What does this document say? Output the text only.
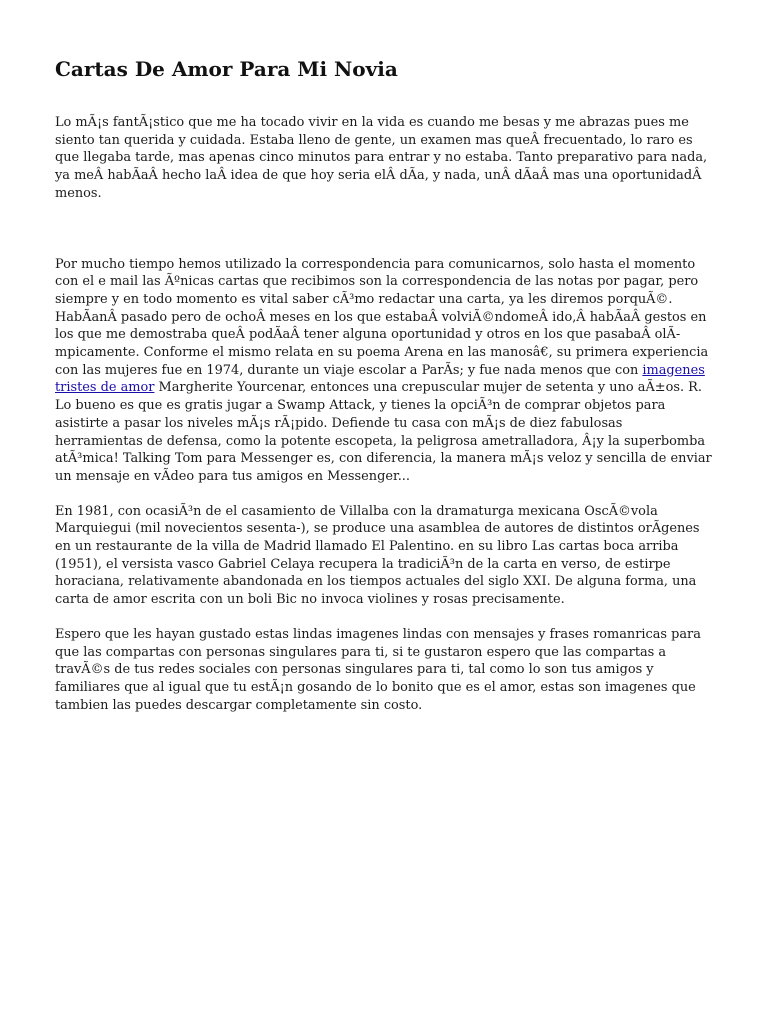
Cartas De Amor Para Mi Novia

Lo mÃ¡s fantÃ¡stico que me ha tocado vivir en la vida es cuando me besas y me abrazas pues me siento tan querida y cuidada. Estaba lleno de gente, un examen mas queÂ frecuentado, lo raro es que llegaba tarde, mas apenas cinco minutos para entrar y no estaba. Tanto preparativo para nada, ya meÂ habÃaÂ hecho laÂ idea de que hoy seria elÂ dÃa, y nada, unÂ dÃaÂ mas una oportunidadÂ menos.

Por mucho tiempo hemos utilizado la correspondencia para comunicarnos, solo hasta el momento con el e mail las Ãºnicas cartas que recibimos son la correspondencia de las notas por pagar, pero siempre y en todo momento es vital saber cÃ³mo redactar una carta, ya les diremos porquÃ©. HabÃanÂ pasado pero de ochoÂ meses en los que estabaÂ volviÃ©ndomeÂ ido,Â habÃaÂ gestos en los que me demostraba queÂ podÃaÂ tener alguna oportunidad y otros en los que pasabaÂ olÃmpicamente. Conforme el mismo relata en su poema Arena en las manosâ€, su primera experiencia con las mujeres fue en 1974, durante un viaje escolar a ParÃs; y fue nada menos que con imagenes tristes de amor Margherite Yourcenar, entonces una crepuscular mujer de setenta y uno aÃ±os. R. Lo bueno es que es gratis jugar a Swamp Attack, y tienes la opciÃ³n de comprar objetos para asistirte a pasar los niveles mÃ¡s rÃ¡pido. Defiende tu casa con mÃ¡s de diez fabulosas herramientas de defensa, como la potente escopeta, la peligrosa ametralladora, Â¡y la superbomba atÃ³mica! Talking Tom para Messenger es, con diferencia, la manera mÃ¡s veloz y sencilla de enviar un mensaje en vÃdeo para tus amigos en Messenger...

En 1981, con ocasiÃ³n de el casamiento de Villalba con la dramaturga mexicana OscÃ©vola Marquiegui (mil novecientos sesenta-), se produce una asamblea de autores de distintos orÃgenes en un restaurante de la villa de Madrid llamado El Palentino. en su libro Las cartas boca arriba (1951), el versista vasco Gabriel Celaya recupera la tradiciÃ³n de la carta en verso, de estirpe horaciana, relativamente abandonada en los tiempos actuales del siglo XXI. De alguna forma, una carta de amor escrita con un boli Bic no invoca violines y rosas precisamente.

Espero que les hayan gustado estas lindas imagenes lindas con mensajes y frases romanricas para que las compartas con personas singulares para ti, si te gustaron espero que las compartas a travÃ©s de tus redes sociales con personas singulares para ti, tal como lo son tus amigos y familiares que al igual que tu estÃ¡n gosando de lo bonito que es el amor, estas son imagenes que tambien las puedes descargar completamente sin costo.
